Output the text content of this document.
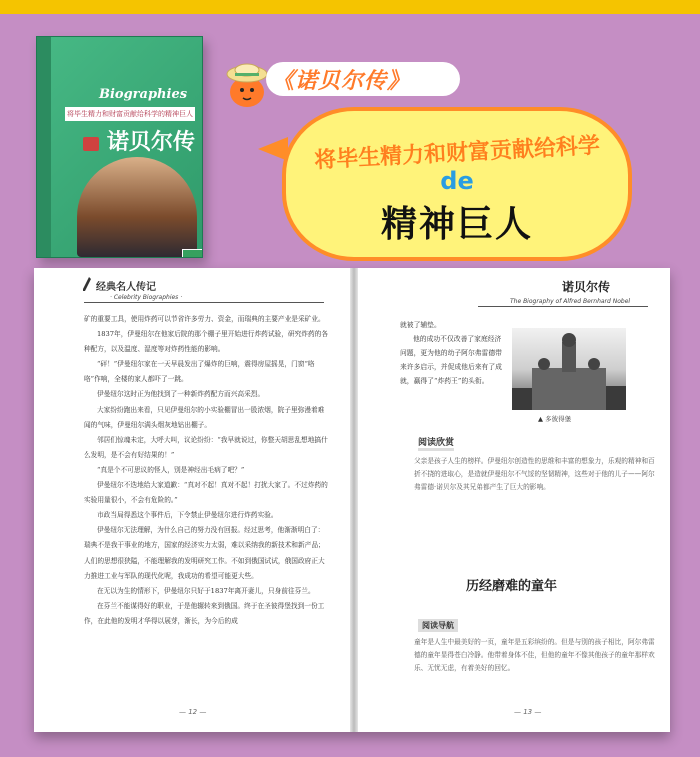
Biographies
将毕生精力和财富贡献给科学的精神巨人
诺贝尔传
《诺贝尔传》
将毕生精力和财富贡献给科学
de
精神巨人
经典名人传记
· Celebrity Biographies ·

矿的重要工具，使用炸药可以节省许多劳力、资金，而瑞典的主要产业是采矿业。

1837年，伊曼纽尔在他家后院的那个棚子里开始进行炸药试验，研究炸药的各种配方，以及温度、湿度等对炸药性能的影响。

“砰！”伊曼纽尔家在一天早晨发出了爆炸的巨响，震得房屋摇晃，门窗“咯咯”作响，全楼的家人都吓了一跳。

伊曼纽尔这时正为他找到了一种新炸药配方而兴高采烈。

大家纷纷跑出来看，只见伊曼纽尔的小实验棚冒出一股浓烟，院子里弥漫着难闻的气味，伊曼纽尔满头烟灰地钻出棚子。

邻居们惊魂未定，大呼大叫，议论纷纷：“我早就说过，你整天胡思乱想地搞什么发明，是不会有好结果的！”

“真是个不可思议的怪人，别是神经出毛病了吧？”

伊曼纽尔不迭地给大家道歉：“真对不起！真对不起！打扰大家了。不过炸药的实验用量很小，不会有危险的。”

市政当局得悉这个事件后，下令禁止伊曼纽尔进行炸药实验。

伊曼纽尔无法理解，为什么自己的努力没有回报。经过思考，他渐渐明白了：瑞典不是我干事业的地方，国家的经济实力太弱，难以采纳我的新技术和新产品；人们的思想很狭隘，不能理解我的发明研究工作。不如到俄国试试，俄国政府正大力推进工业与军队的现代化呢，我成功的希望可能更大些。

在无以为生的情形下，伊曼纽尔只好于1837年离开妻儿，只身前往芬兰。

在芬兰不能谋得好的职业，于是他辗转来到俄国。终于在圣彼得堡找到一份工作，在此他的发明才华得以展芽，渐长，为今后的成

— 12 —
诺贝尔传
The Biography of Alfred Bernhard Nobel

就被了辅垫。

他的成功不仅改善了家庭经济问题，更为他的幼子阿尔弗雷德带来许多启示，并促成他后来有了成就，赢得了“炸药王”的头衔。

▲ 多彼得堡
阅读欣赏
父亲是孩子人生的榜样。伊曼纽尔创造性的思维和丰富的想象力，乐观的精神和百折不挠的进取心，是造就伊曼纽尔不气馁的坚韧精神，这些对于他的儿子——阿尔弗雷德·诺贝尔及其兄弟都产生了巨大的影响。
历经磨难的童年
阅读导航
童年是人生中最美好的一页，童年是五彩缤纷的。但是与别的孩子相比，阿尔弗雷德的童年显得苍白冷静。他带着身体不佳，但他的童年不像其他孩子的童年那样欢乐、无忧无虑，有着美好的回忆。
— 13 —
